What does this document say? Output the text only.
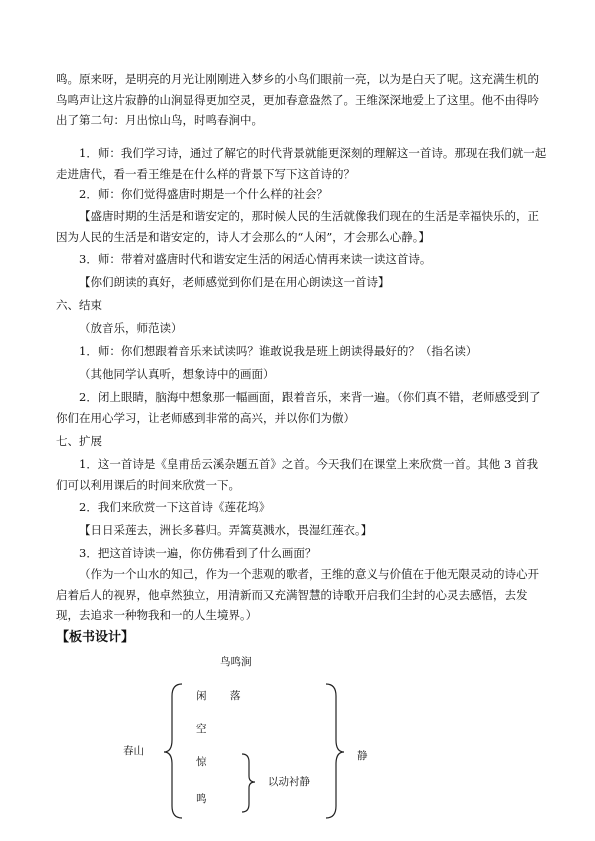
鸣。原来呀，是明亮的月光让刚刚进入梦乡的小鸟们眼前一亮，以为是白天了呢。这充满生机的鸟鸣声让这片寂静的山涧显得更加空灵，更加春意盎然了。王维深深地爱上了这里。他不由得吟出了第二句：月出惊山鸟，时鸣春涧中。

1．师：我们学习诗，通过了解它的时代背景就能更深刻的理解这一首诗。那现在我们就一起走进唐代，看一看王维是在什么样的背景下写下这首诗的？

2．师：你们觉得盛唐时期是一个什么样的社会？

【盛唐时期的生活是和谐安定的，那时候人民的生活就像我们现在的生活是幸福快乐的，正因为人民的生活是和谐安定的，诗人才会那么的“人闲”，才会那么心静。】

3．师：带着对盛唐时代和谐安定生活的闲适心情再来读一读这首诗。

【你们朗读的真好，老师感觉到你们是在用心朗读这一首诗】

六、结束

（放音乐，师范读）

1．师：你们想跟着音乐来试读吗？谁敢说我是班上朗读得最好的？（指名读）

（其他同学认真听，想象诗中的画面）

2．闭上眼睛，脑海中想象那一幅画面，跟着音乐，来背一遍。（你们真不错，老师感受到了你们在用心学习，让老师感到非常的高兴，并以你们为傲）

七、扩展

1．这一首诗是《皇甫岳云溪杂题五首》之首。今天我们在课堂上来欣赏一首。其他 3 首我们可以利用课后的时间来欣赏一下。

2．我们来欣赏一下这首诗《莲花坞》

【日日采莲去，洲长多暮归。弄篙莫溅水，畏湿红莲衣。】

3．把这首诗读一遍，你仿佛看到了什么画面？

（作为一个山水的知己，作为一个悲观的歌者，王维的意义与价值在于他无限灵动的诗心开启着后人的视界，他卓然独立，用清新而又充满智慧的诗歌开启我们尘封的心灵去感悟，去发现，去追求一种物我和一的人生境界。）

【板书设计】

鸟鸣涧

春山

闲 落

空

惊

鸣

以动衬静

静
